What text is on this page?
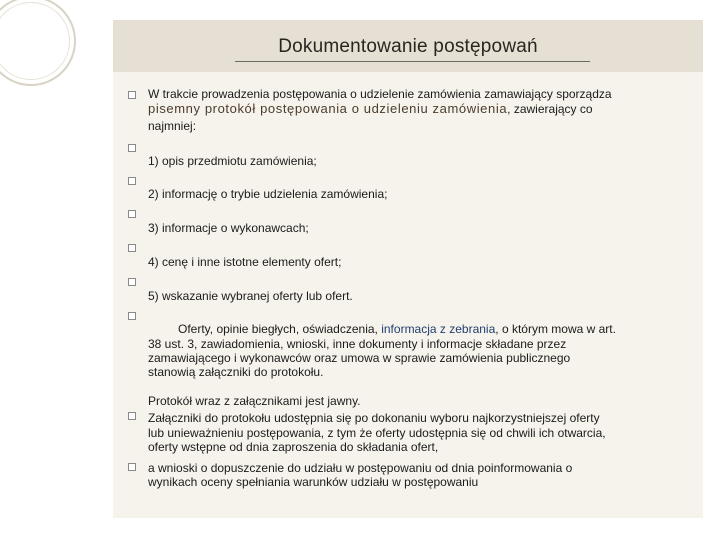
Dokumentowanie postępowań
W trakcie prowadzenia postępowania o udzielenie zamówienia zamawiający sporządza
pisemny protokół postępowania o udzieleniu zamówienia, zawierający co
najmniej:
1) opis przedmiotu zamówienia;
2) informację o trybie udzielenia zamówienia;
3) informacje o wykonawcach;
4) cenę i inne istotne elementy ofert;
5) wskazanie wybranej oferty lub ofert.
Oferty, opinie biegłych, oświadczenia, informacja z zebrania, o którym mowa w art.
38 ust. 3, zawiadomienia, wnioski, inne dokumenty i informacje składane przez
zamawiającego i wykonawców oraz umowa w sprawie zamówienia publicznego
stanowią załączniki do protokołu.
Protokół wraz z załącznikami jest jawny.
Załączniki do protokołu udostępnia się po dokonaniu wyboru najkorzystniejszej oferty
lub unieważnieniu postępowania, z tym że oferty udostępnia się od chwili ich otwarcia,
oferty wstępne od dnia zaproszenia do składania ofert,
a wnioski o dopuszczenie do udziału w postępowaniu od dnia poinformowania o
wynikach oceny spełniania warunków udziału w postępowaniu
